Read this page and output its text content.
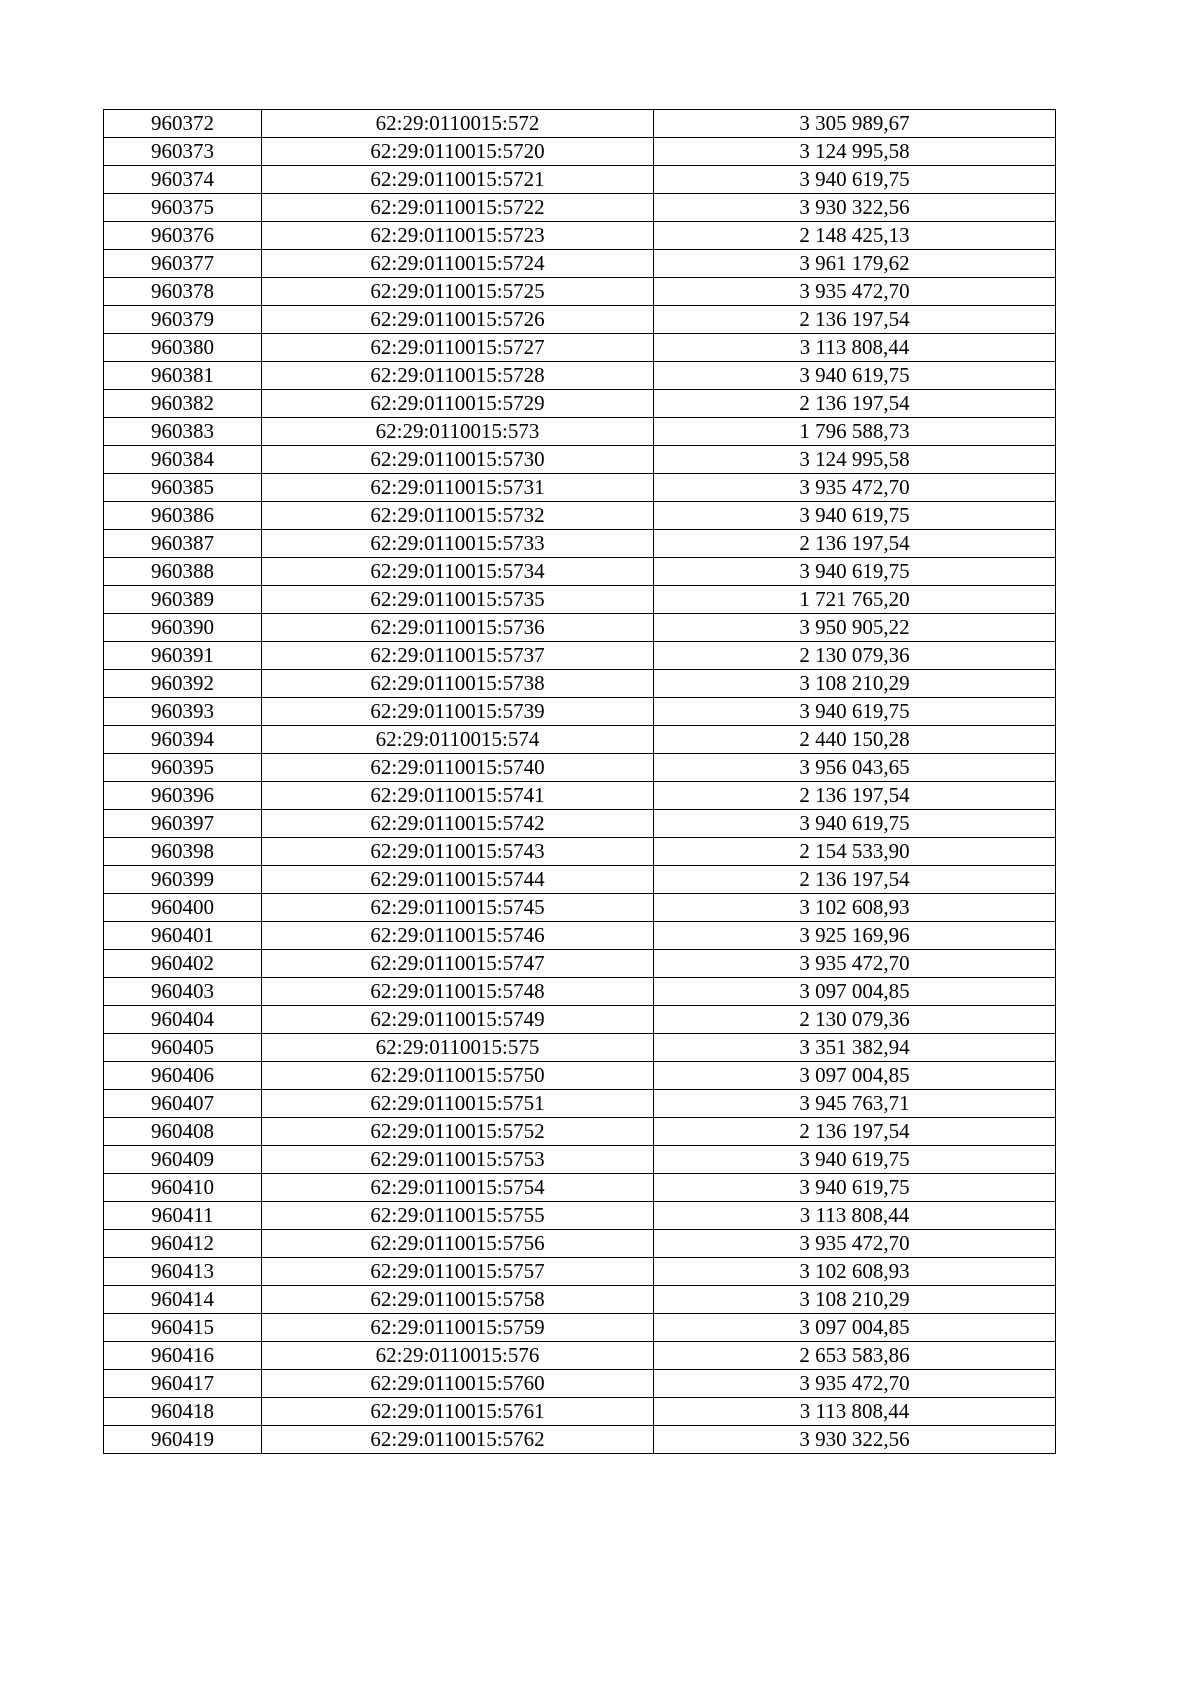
960372	62:29:0110015:572	3 305 989,67
960373	62:29:0110015:5720	3 124 995,58
960374	62:29:0110015:5721	3 940 619,75
960375	62:29:0110015:5722	3 930 322,56
960376	62:29:0110015:5723	2 148 425,13
960377	62:29:0110015:5724	3 961 179,62
960378	62:29:0110015:5725	3 935 472,70
960379	62:29:0110015:5726	2 136 197,54
960380	62:29:0110015:5727	3 113 808,44
960381	62:29:0110015:5728	3 940 619,75
960382	62:29:0110015:5729	2 136 197,54
960383	62:29:0110015:573	1 796 588,73
960384	62:29:0110015:5730	3 124 995,58
960385	62:29:0110015:5731	3 935 472,70
960386	62:29:0110015:5732	3 940 619,75
960387	62:29:0110015:5733	2 136 197,54
960388	62:29:0110015:5734	3 940 619,75
960389	62:29:0110015:5735	1 721 765,20
960390	62:29:0110015:5736	3 950 905,22
960391	62:29:0110015:5737	2 130 079,36
960392	62:29:0110015:5738	3 108 210,29
960393	62:29:0110015:5739	3 940 619,75
960394	62:29:0110015:574	2 440 150,28
960395	62:29:0110015:5740	3 956 043,65
960396	62:29:0110015:5741	2 136 197,54
960397	62:29:0110015:5742	3 940 619,75
960398	62:29:0110015:5743	2 154 533,90
960399	62:29:0110015:5744	2 136 197,54
960400	62:29:0110015:5745	3 102 608,93
960401	62:29:0110015:5746	3 925 169,96
960402	62:29:0110015:5747	3 935 472,70
960403	62:29:0110015:5748	3 097 004,85
960404	62:29:0110015:5749	2 130 079,36
960405	62:29:0110015:575	3 351 382,94
960406	62:29:0110015:5750	3 097 004,85
960407	62:29:0110015:5751	3 945 763,71
960408	62:29:0110015:5752	2 136 197,54
960409	62:29:0110015:5753	3 940 619,75
960410	62:29:0110015:5754	3 940 619,75
960411	62:29:0110015:5755	3 113 808,44
960412	62:29:0110015:5756	3 935 472,70
960413	62:29:0110015:5757	3 102 608,93
960414	62:29:0110015:5758	3 108 210,29
960415	62:29:0110015:5759	3 097 004,85
960416	62:29:0110015:576	2 653 583,86
960417	62:29:0110015:5760	3 935 472,70
960418	62:29:0110015:5761	3 113 808,44
960419	62:29:0110015:5762	3 930 322,56
